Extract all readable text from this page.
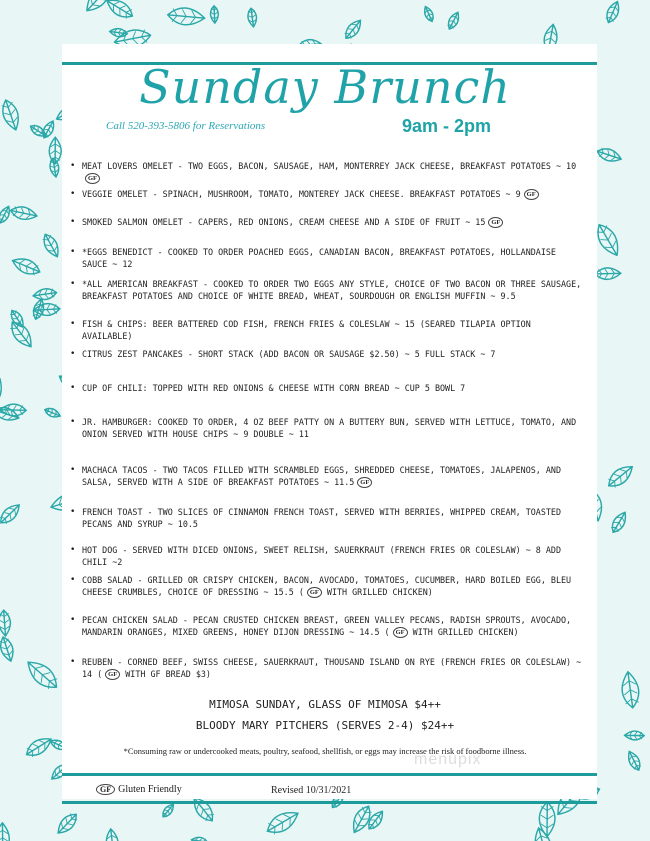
Sunday Brunch
Call 520-393-5806 for Reservations	9am - 2pm
• MEAT LOVERS OMELET - TWO EGGS, BACON, SAUSAGE, HAM, MONTERREY JACK CHEESE, BREAKFAST POTATOES ~ 10GF
• VEGGIE OMELET - SPINACH, MUSHROOM, TOMATO, MONTEREY JACK CHEESE. BREAKFAST POTATOES ~ 9 GF
• SMOKED SALMON OMELET - CAPERS, RED ONIONS, CREAM CHEESE AND A SIDE OF FRUIT ~ 15 GF
• *EGGS BENEDICT - COOKED TO ORDER POACHED EGGS, CANADIAN BACON, BREAKFAST POTATOES, HOLLANDAISE SAUCE ~ 12
• *ALL AMERICAN BREAKFAST - COOKED TO ORDER TWO EGGS ANY STYLE, CHOICE OF TWO BACON OR THREE SAUSAGE, BREAKFAST POTATOES AND CHOICE OF WHITE BREAD, WHEAT, SOURDOUGH OR ENGLISH MUFFIN ~ 9.5
• FISH & CHIPS: BEER BATTERED COD FISH, FRENCH FRIES & COLESLAW ~ 15 (SEARED TILAPIA OPTION AVAILABLE)
• CITRUS ZEST PANCAKES - SHORT STACK (ADD BACON OR SAUSAGE $2.50) ~ 5 FULL STACK ~ 7
• CUP OF CHILI: TOPPED WITH RED ONIONS & CHEESE WITH CORN BREAD ~ CUP 5 BOWL 7
• JR. HAMBURGER: COOKED TO ORDER, 4 OZ BEEF PATTY ON A BUTTERY BUN, SERVED WITH LETTUCE, TOMATO, AND ONION SERVED WITH HOUSE CHIPS ~ 9 DOUBLE ~ 11
• MACHACA TACOS - TWO TACOS FILLED WITH SCRAMBLED EGGS, SHREDDED CHEESE, TOMATOES, JALAPENOS, AND SALSA, SERVED WITH A SIDE OF BREAKFAST POTATOES ~ 11.5 GF
• FRENCH TOAST - TWO SLICES OF CINNAMON FRENCH TOAST, SERVED WITH BERRIES, WHIPPED CREAM, TOASTED PECANS AND SYRUP ~ 10.5
• HOT DOG - SERVED WITH DICED ONIONS, SWEET RELISH, SAUERKRAUT (FRENCH FRIES OR COLESLAW) ~ 8 ADD CHILI ~2
• COBB SALAD - GRILLED OR CRISPY CHICKEN, BACON, AVOCADO, TOMATOES, CUCUMBER, HARD BOILED EGG, BLEU CHEESE CRUMBLES, CHOICE OF DRESSING ~ 15.5 ( GF WITH GRILLED CHICKEN)
• PECAN CHICKEN SALAD - PECAN CRUSTED CHICKEN BREAST, GREEN VALLEY PECANS, RADISH SPROUTS, AVOCADO, MANDARIN ORANGES, MIXED GREENS, HONEY DIJON DRESSING ~ 14.5 ( GF WITH GRILLED CHICKEN)
• REUBEN - CORNED BEEF, SWISS CHEESE, SAUERKRAUT, THOUSAND ISLAND ON RYE (FRENCH FRIES OR COLESLAW) ~ 14 ( GF WITH GF BREAD $3)
MIMOSA SUNDAY, GLASS OF MIMOSA $4++
BLOODY MARY PITCHERS (SERVES 2-4) $24++
*Consuming raw or undercooked meats, poultry, seafood, shellfish, or eggs may increase the risk of foodborne illness.
menupix
GF Gluten Friendly	Revised 10/31/2021
